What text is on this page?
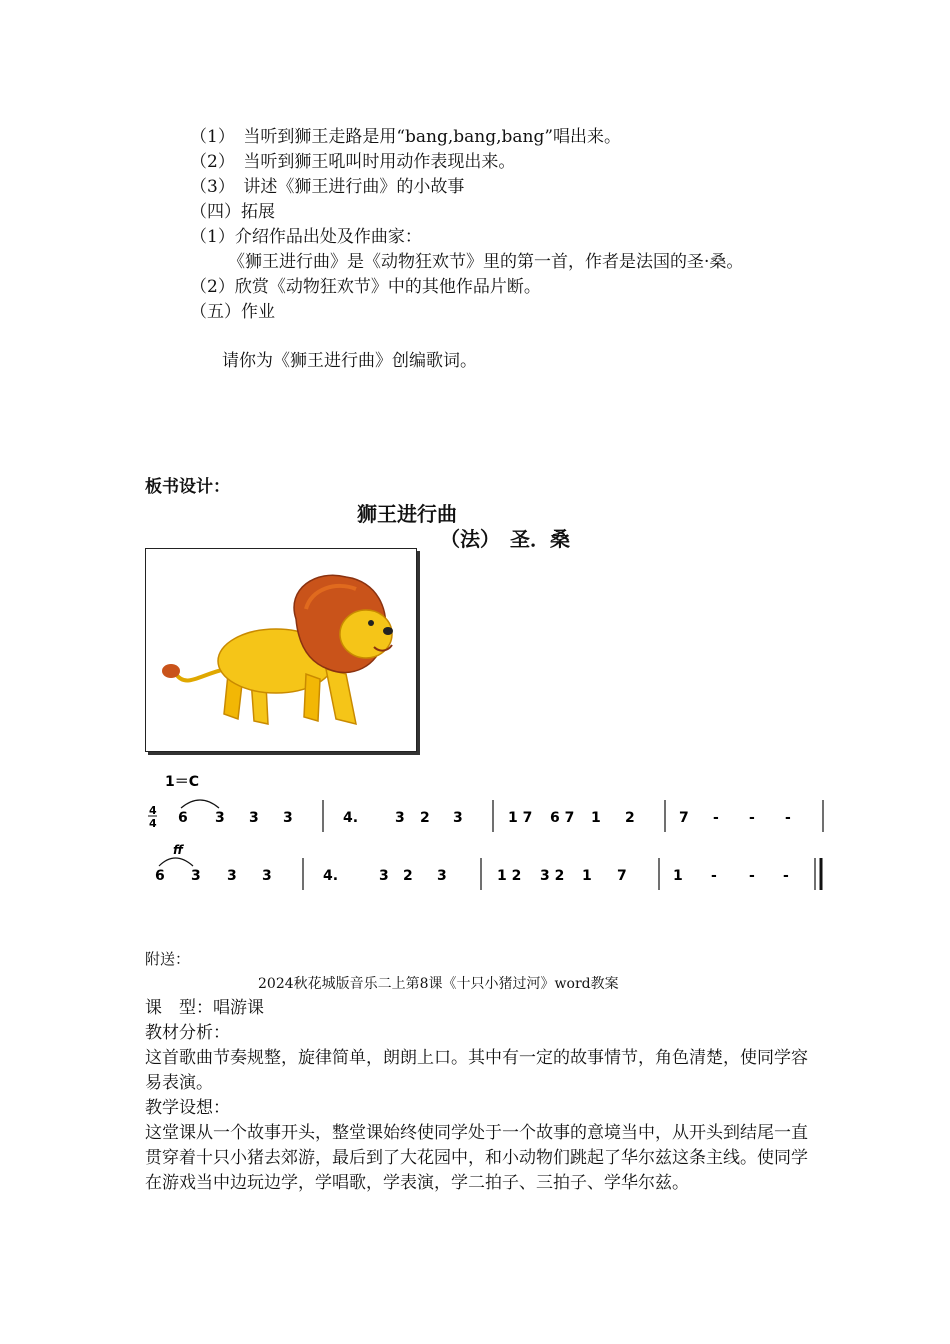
（1）　当听到狮王走路是用“bang,bang,bang”唱出来。
（2）　当听到狮王吼叫时用动作表现出来。
（3）　讲述《狮王进行曲》的小故事
（四）拓展
（1）介绍作品出处及作曲家：
《狮王进行曲》是《动物狂欢节》里的第一首，作者是法国的圣·桑。
（2）欣赏《动物狂欢节》中的其他作品片断。
（五）作业
请你为《狮王进行曲》创编歌词。
板书设计：
狮王进行曲
（法）　圣．桑
1＝C
4
4 6 3 3 3	4.	3 2 3	1 7 6 7 1 2	7 - - -
ff
6 3 3 3	4.	3 2 3	1 2 3 2 1 7	1 - - -
附送：
2024秋花城版音乐二上第8课《十只小猪过河》word教案
课　型：唱游课
教材分析：
这首歌曲节奏规整，旋律简单，朗朗上口。其中有一定的故事情节，角色清楚，使同学容易表演。
教学设想：
这堂课从一个故事开头，整堂课始终使同学处于一个故事的意境当中，从开头到结尾一直贯穿着十只小猪去郊游，最后到了大花园中，和小动物们跳起了华尔兹这条主线。使同学在游戏当中边玩边学，学唱歌，学表演，学二拍子、三拍子、学华尔兹。
